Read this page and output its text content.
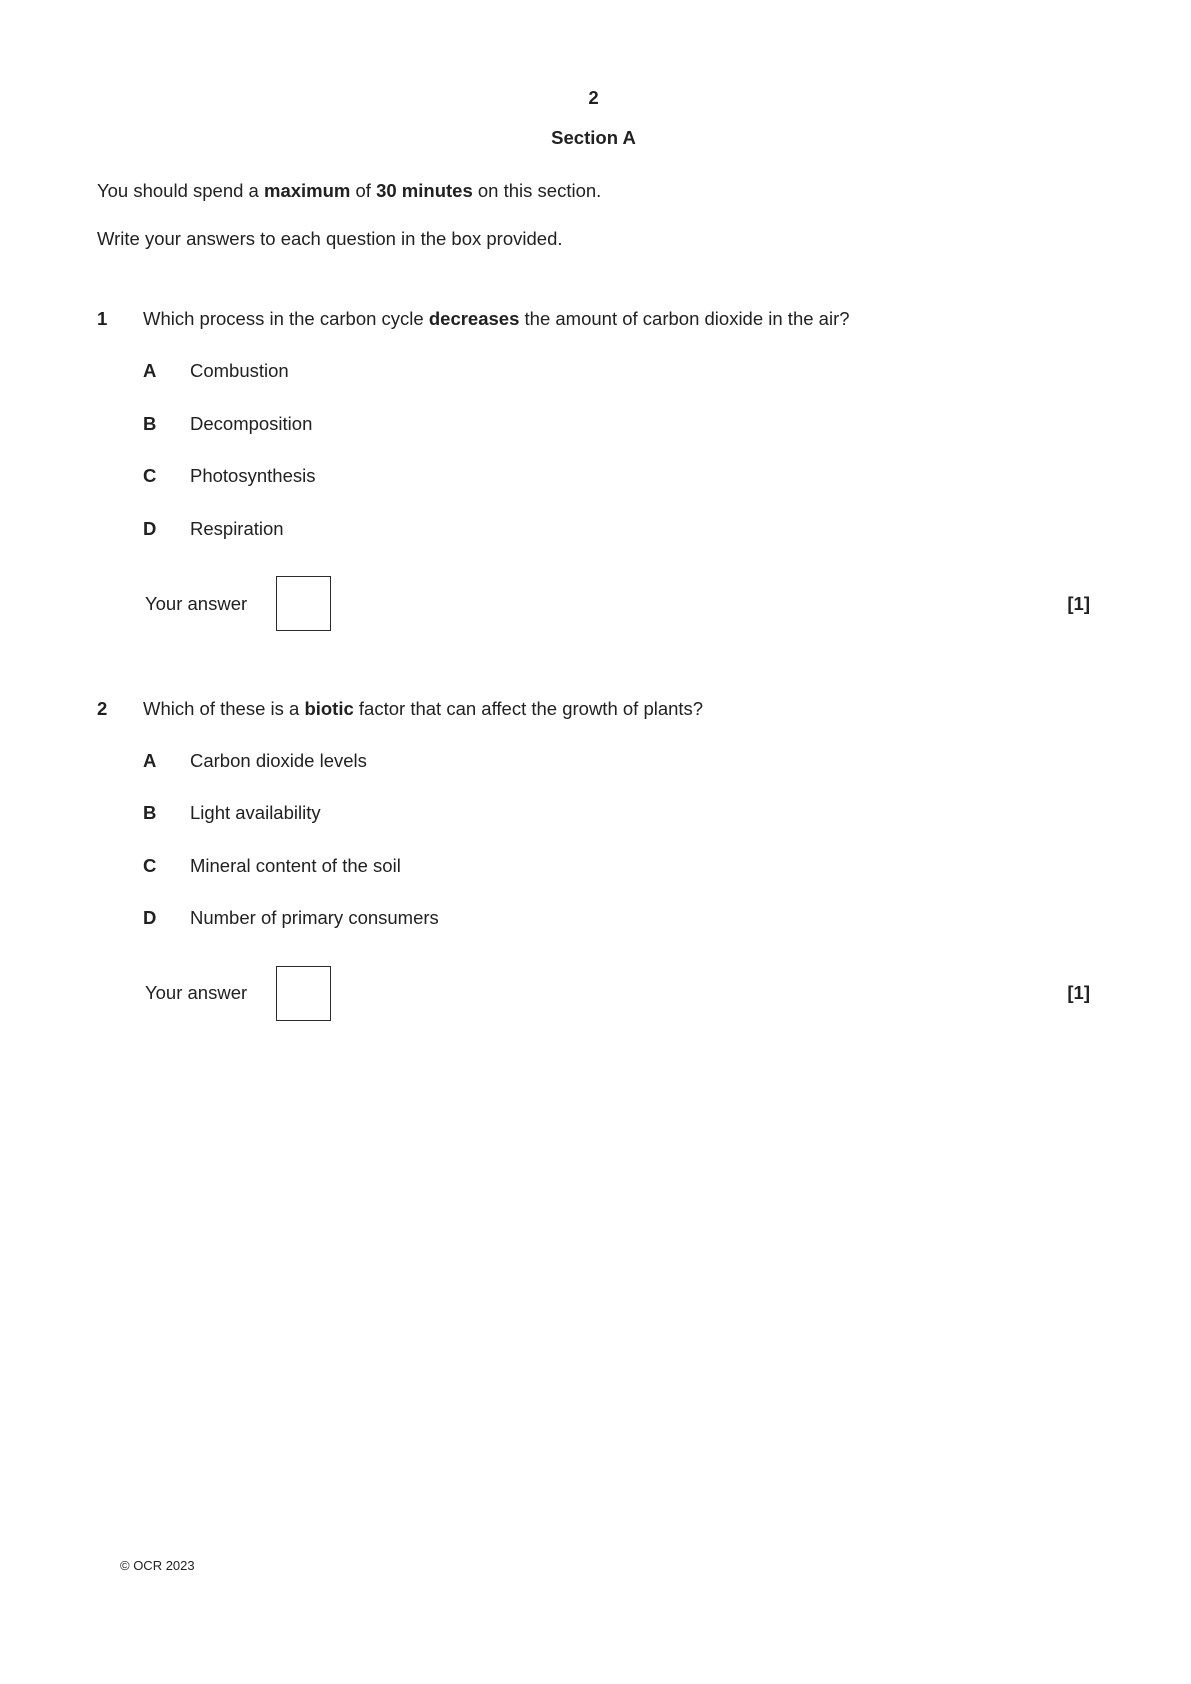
2
Section A
You should spend a maximum of 30 minutes on this section.
Write your answers to each question in the box provided.
1	Which process in the carbon cycle decreases the amount of carbon dioxide in the air?
A	Combustion
B	Decomposition
C	Photosynthesis
D	Respiration
Your answer	[1]
2	Which of these is a biotic factor that can affect the growth of plants?
A	Carbon dioxide levels
B	Light availability
C	Mineral content of the soil
D	Number of primary consumers
Your answer	[1]
© OCR 2023
